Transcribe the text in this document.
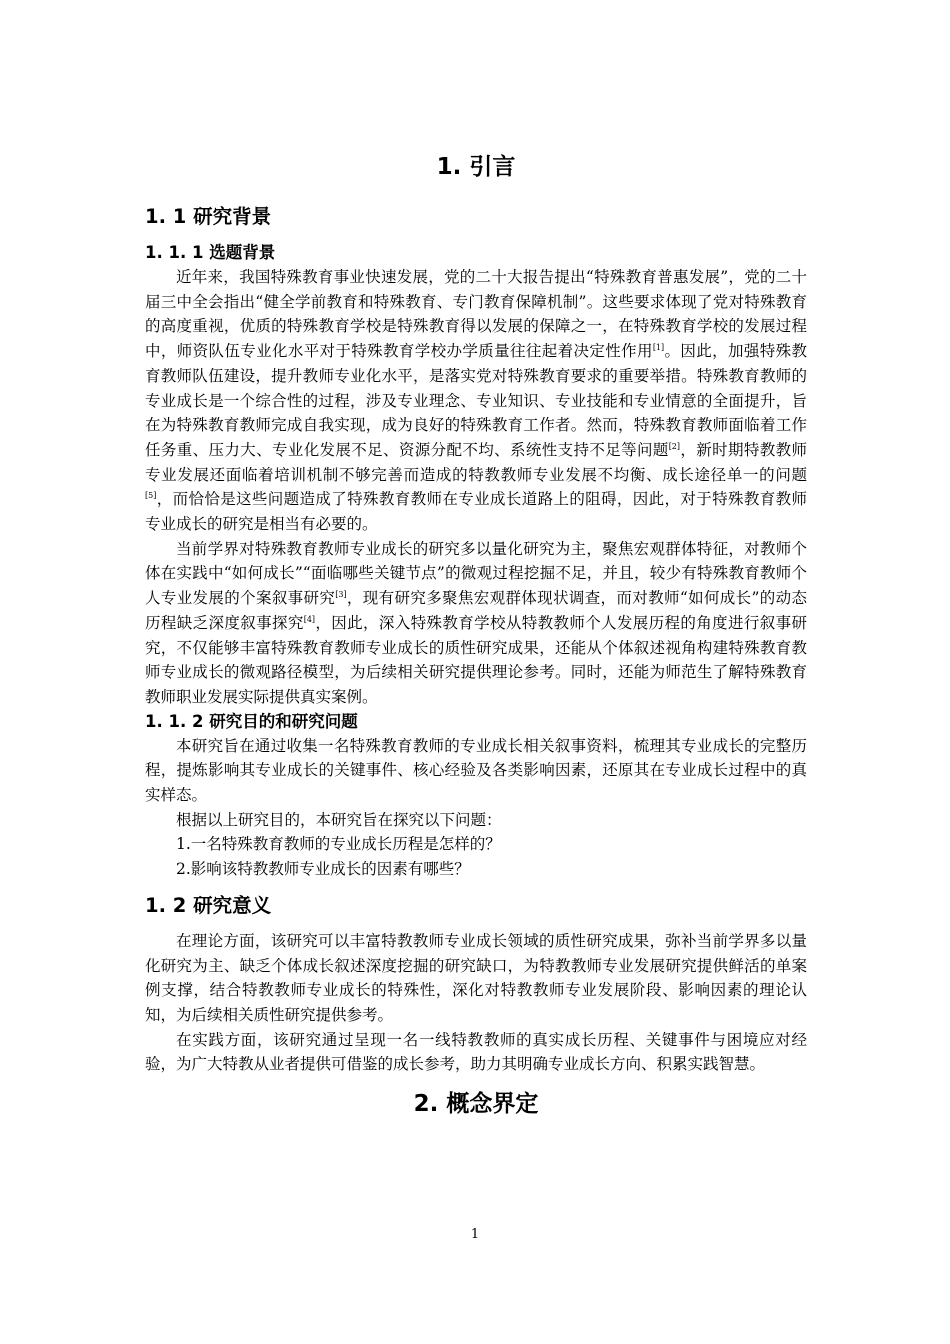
1. 引言
1. 1 研究背景
1. 1. 1 选题背景

近年来，我国特殊教育事业快速发展，党的二十大报告提出“特殊教育普惠发展”，党的二十届三中全会指出“健全学前教育和特殊教育、专门教育保障机制”。这些要求体现了党对特殊教育的高度重视，优质的特殊教育学校是特殊教育得以发展的保障之一，在特殊教育学校的发展过程中，师资队伍专业化水平对于特殊教育学校办学质量往往起着决定性作用[1]。因此，加强特殊教育教师队伍建设，提升教师专业化水平，是落实党对特殊教育要求的重要举措。特殊教育教师的专业成长是一个综合性的过程，涉及专业理念、专业知识、专业技能和专业情意的全面提升，旨在为特殊教育教师完成自我实现，成为良好的特殊教育工作者。然而，特殊教育教师面临着工作任务重、压力大、专业化发展不足、资源分配不均、系统性支持不足等问题[2]，新时期特教教师专业发展还面临着培训机制不够完善而造成的特教教师专业发展不均衡、成长途径单一的问题[5]，而恰恰是这些问题造成了特殊教育教师在专业成长道路上的阻碍，因此，对于特殊教育教师专业成长的研究是相当有必要的。

当前学界对特殊教育教师专业成长的研究多以量化研究为主，聚焦宏观群体特征，对教师个体在实践中“如何成长”“面临哪些关键节点”的微观过程挖掘不足，并且，较少有特殊教育教师个人专业发展的个案叙事研究[3]，现有研究多聚焦宏观群体现状调查，而对教师“如何成长”的动态历程缺乏深度叙事探究[4]，因此，深入特殊教育学校从特教教师个人发展历程的角度进行叙事研究，不仅能够丰富特殊教育教师专业成长的质性研究成果，还能从个体叙述视角构建特殊教育教师专业成长的微观路径模型，为后续相关研究提供理论参考。同时，还能为师范生了解特殊教育教师职业发展实际提供真实案例。

1. 1. 2 研究目的和研究问题

本研究旨在通过收集一名特殊教育教师的专业成长相关叙事资料，梳理其专业成长的完整历程，提炼影响其专业成长的关键事件、核心经验及各类影响因素，还原其在专业成长过程中的真实样态。

根据以上研究目的，本研究旨在探究以下问题：

1.一名特殊教育教师的专业成长历程是怎样的？

2.影响该特教教师专业成长的因素有哪些？

1. 2 研究意义

在理论方面，该研究可以丰富特教教师专业成长领域的质性研究成果，弥补当前学界多以量化研究为主、缺乏个体成长叙述深度挖掘的研究缺口，为特教教师专业发展研究提供鲜活的单案例支撑，结合特教教师专业成长的特殊性，深化对特教教师专业发展阶段、影响因素的理论认知，为后续相关质性研究提供参考。

在实践方面，该研究通过呈现一名一线特教教师的真实成长历程、关键事件与困境应对经验，为广大特教从业者提供可借鉴的成长参考，助力其明确专业成长方向、积累实践智慧。

2. 概念界定
1
